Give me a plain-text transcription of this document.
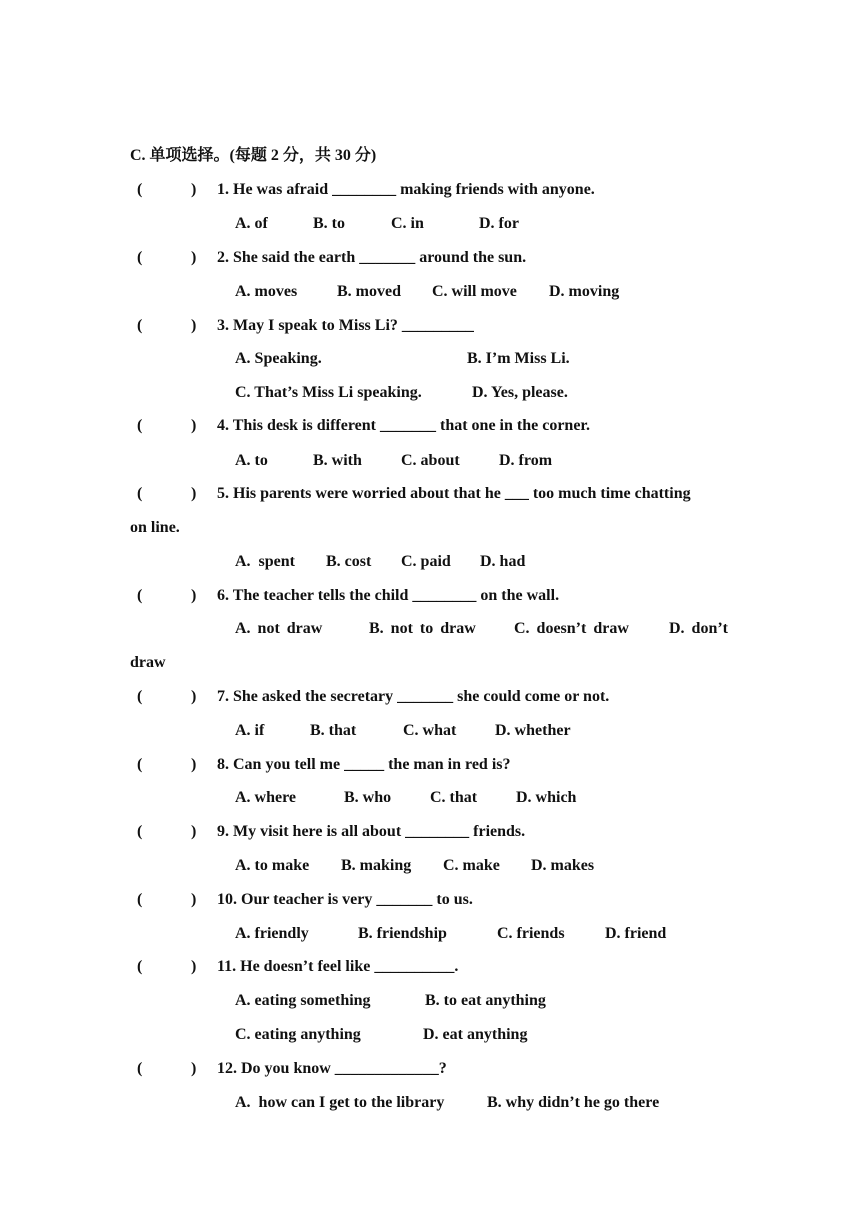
C. 单项选择。(每题 2 分，共 30 分)
(	) 1. He was afraid ________ making friends with anyone.
A. of	B. to	C. in	D. for
(	) 2. She said the earth _______ around the sun.
A. moves B. moved C. will move D. moving
(	) 3. May I speak to Miss Li? _________
A. Speaking.	B. I’m Miss Li.
C. That’s Miss Li speaking.	D. Yes, please.
(	) 4. This desk is different _______ that one in the corner.
A. to	B. with C. about D. from
(	) 5. His parents were worried about that he ___ too much time chatting
on line.
A.  spent B. cost C. paid D. had
(	) 6. The teacher tells the child ________ on the wall.
A. not draw	B. not to draw C. doesn’t draw	D. don’t
draw
(	) 7. She asked the secretary _______ she could come or not.
A. if	B. that	C. what D. whether
(	) 8. Can you tell me _____ the man in red is?
A. where	B. who C. that D. which
(	) 9. My visit here is all about ________ friends.
A. to make B. making C. make D. makes
(	) 10. Our teacher is very _______ to us.
A. friendly	B. friendship	C. friends	D. friend
(	) 11. He doesn’t feel like __________.
A. eating something	B. to eat anything
C. eating anything	D. eat anything
(	) 12. Do you know _____________?
A.  how can I get to the library	B. why didn’t he go there
